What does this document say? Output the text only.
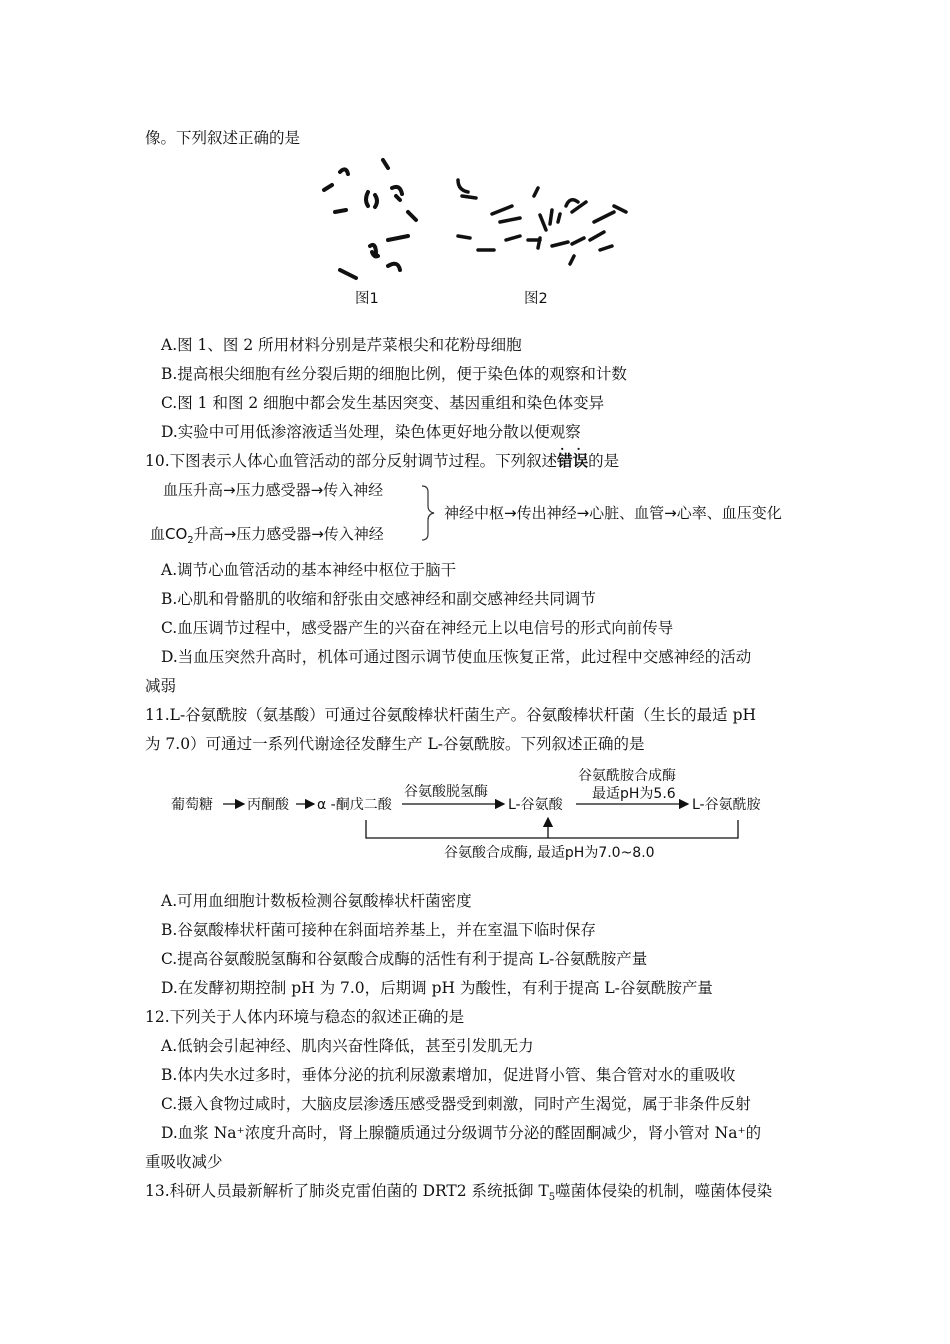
像。下列叙述正确的是
图1	图2
A.图 1、图 2 所用材料分别是芹菜根尖和花粉母细胞
B.提高根尖细胞有丝分裂后期的细胞比例，便于染色体的观察和计数
C.图 1 和图 2 细胞中都会发生基因突变、基因重组和染色体变异
D.实验中可用低渗溶液适当处理，染色体更好地分散以便观察
10.下图表示人体心血管活动的部分反射调节过程。下列叙述错误 · ·的是
血压升高→压力感受器→传入神经
血$CO_2$升高→压力感受器→传入神经
神经中枢→传出神经→心脏、血管→心率、血压变化
A.调节心血管活动的基本神经中枢位于脑干
B.心肌和骨骼肌的收缩和舒张由交感神经和副交感神经共同调节
C.血压调节过程中，感受器产生的兴奋在神经元上以电信号的形式向前传导
D.当血压突然升高时，机体可通过图示调节使血压恢复正常，此过程中交感神经的活动
减弱
11.L-谷氨酰胺（氨基酸）可通过谷氨酸棒状杆菌生产。谷氨酸棒状杆菌（生长的最适 pH
为 7.0）可通过一系列代谢途径发酵生产 L-谷氨酰胺。下列叙述正确的是
葡萄糖 丙酮酸 α -酮戊二酸
谷氨酸脱氢酶
L-谷氨酸
谷氨酰胺合成酶
最适pH为5.6
L-谷氨酰胺
谷氨酸合成酶, 最适pH为7.0~8.0
A.可用血细胞计数板检测谷氨酸棒状杆菌密度
B.谷氨酸棒状杆菌可接种在斜面培养基上，并在室温下临时保存
C.提高谷氨酸脱氢酶和谷氨酸合成酶的活性有利于提高 L-谷氨酰胺产量
D.在发酵初期控制 pH 为 7.0，后期调 pH 为酸性，有利于提高 L-谷氨酰胺产量
12.下列关于人体内环境与稳态的叙述正确的是
A.低钠会引起神经、肌肉兴奋性降低，甚至引发肌无力
B.体内失水过多时，垂体分泌的抗利尿激素增加，促进肾小管、集合管对水的重吸收
C.摄入食物过咸时，大脑皮层渗透压感受器受到刺激，同时产生渴觉，属于非条件反射
D.血浆 Na⁺浓度升高时，肾上腺髓质通过分级调节分泌的醛固酮减少，肾小管对 Na⁺的
重吸收减少
13.科研人员最新解析了肺炎克雷伯菌的 DRT2 系统抵御 $T_5$噬菌体侵染的机制，噬菌体侵染
